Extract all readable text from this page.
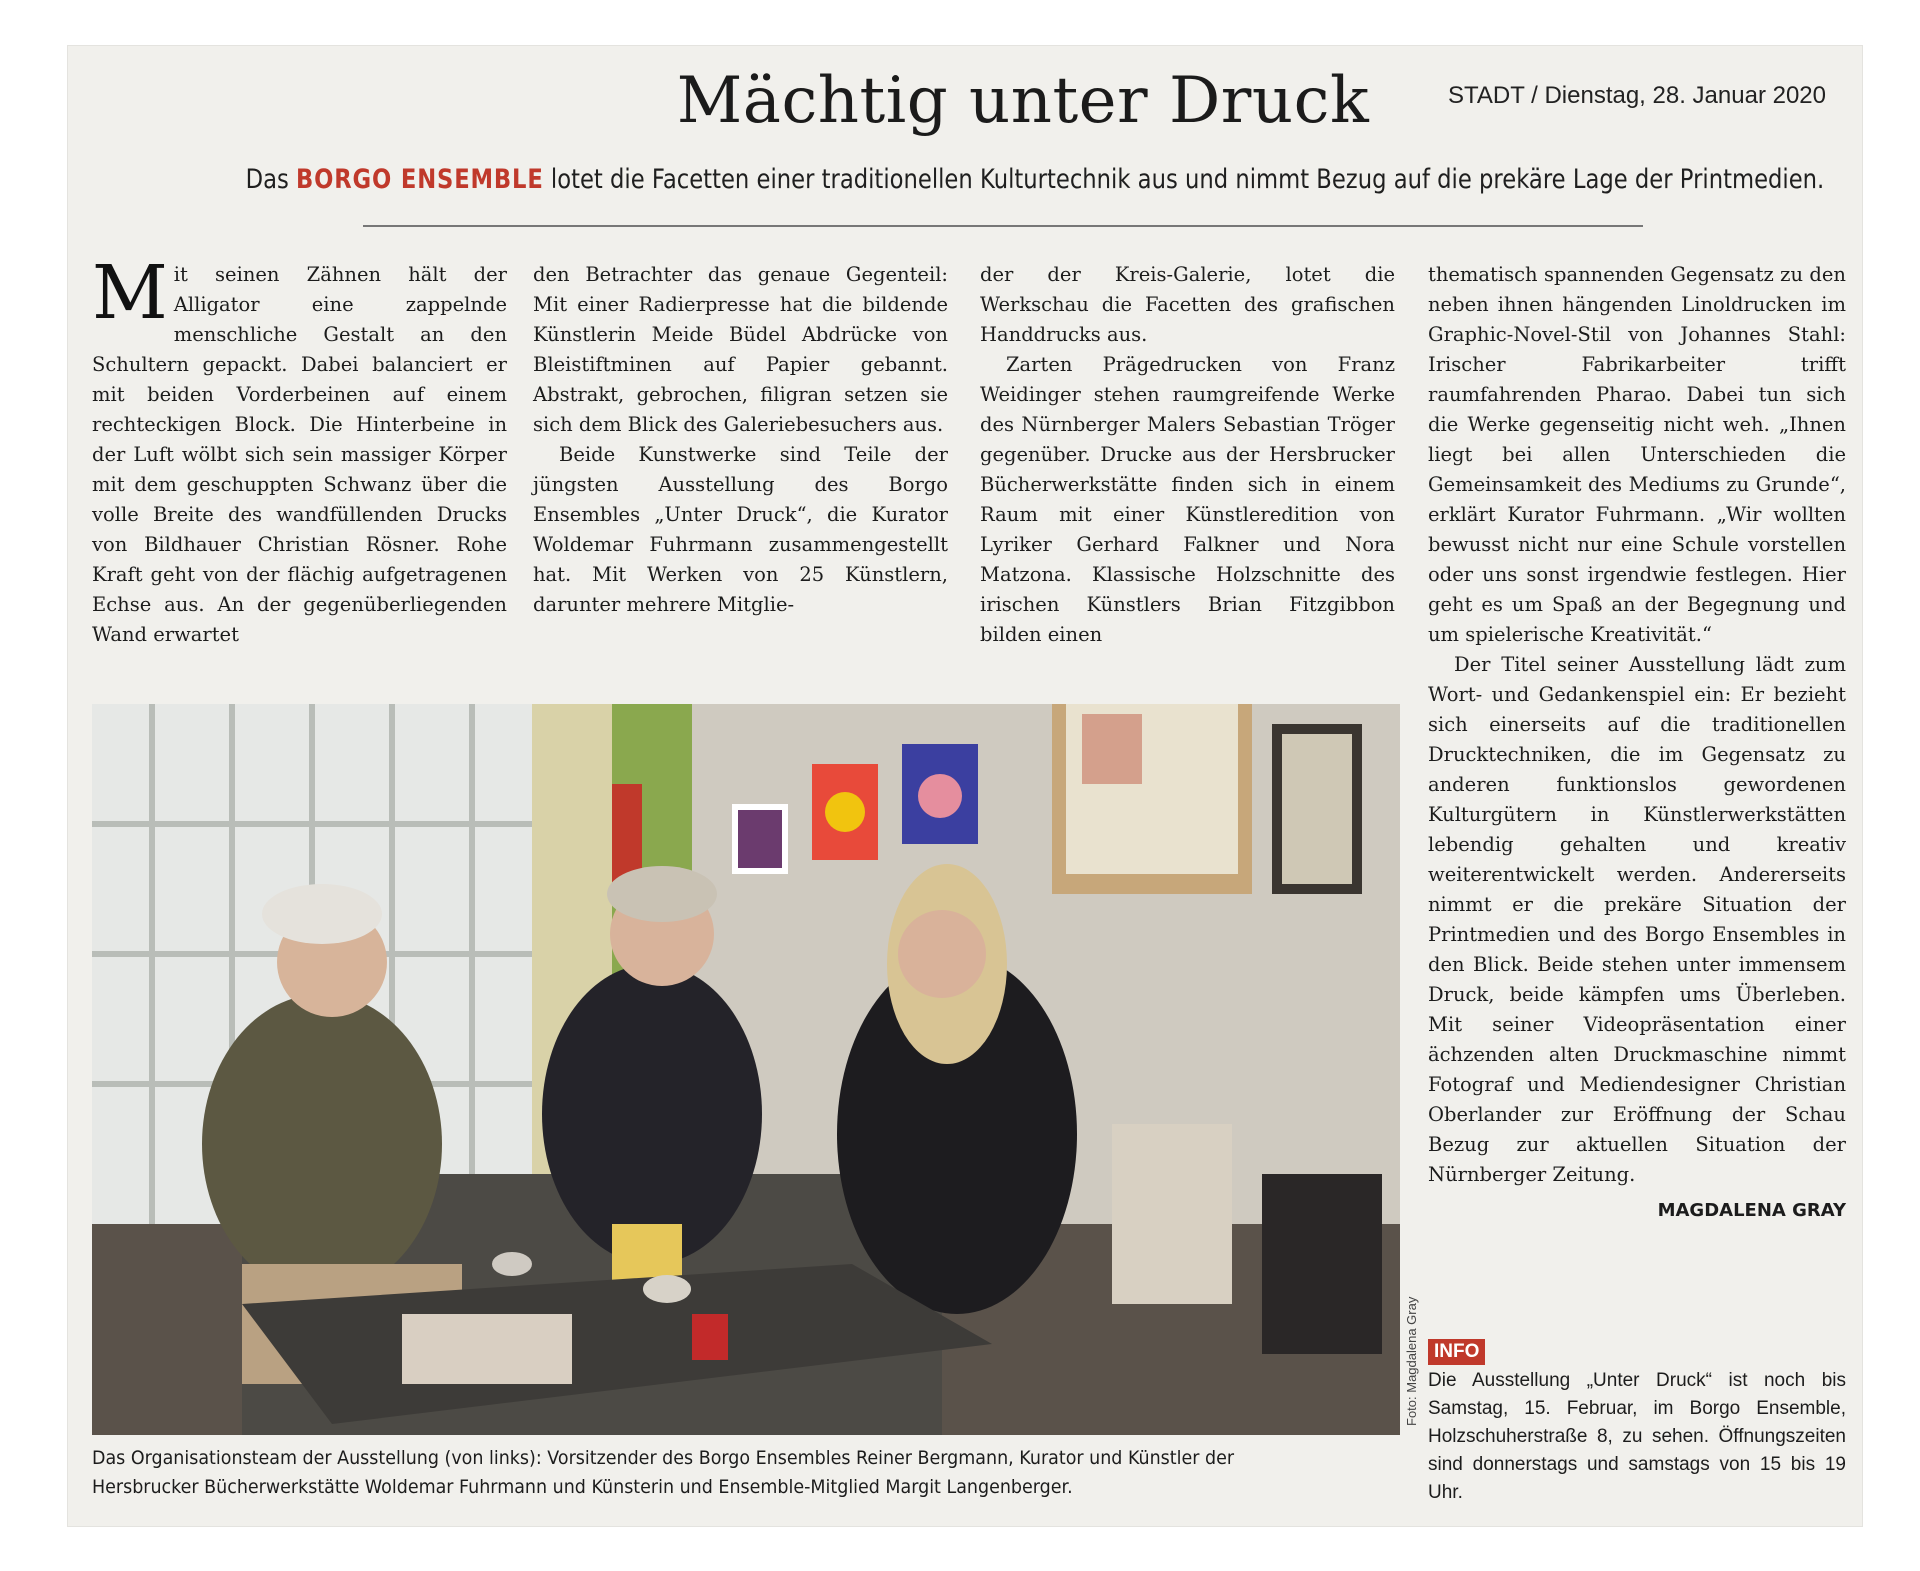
Mächtig unter Druck	STADT / Dienstag, 28. Januar 2020
Das BORGO ENSEMBLE lotet die Facetten einer traditionellen Kulturtechnik aus und nimmt Bezug auf die prekäre Lage der Printmedien.

Mit seinen Zähnen hält der Alligator eine zappelnde menschliche Gestalt an den Schultern gepackt. Dabei balanciert er mit beiden Vorderbeinen auf einem rechteckigen Block. Die Hinterbeine in der Luft wölbt sich sein massiger Körper mit dem geschuppten Schwanz über die volle Breite des wandfüllenden Drucks von Bildhauer Christian Rösner. Rohe Kraft geht von der flächig aufgetragenen Echse aus. An der gegenüberliegenden Wand erwartet

den Betrachter das genaue Gegenteil: Mit einer Radierpresse hat die bildende Künstlerin Meide Büdel Abdrücke von Bleistiftminen auf Papier gebannt. Abstrakt, gebrochen, filigran setzen sie sich dem Blick des Galeriebesuchers aus.

Beide Kunstwerke sind Teile der jüngsten Ausstellung des Borgo Ensembles „Unter Druck“, die Kurator Woldemar Fuhrmann zusammengestellt hat. Mit Werken von 25 Künstlern, darunter mehrere Mitglie-

der der Kreis-Galerie, lotet die Werkschau die Facetten des grafischen Handdrucks aus.

Zarten Prägedrucken von Franz Weidinger stehen raumgreifende Werke des Nürnberger Malers Sebastian Tröger gegenüber. Drucke aus der Hersbrucker Bücherwerkstätte finden sich in einem Raum mit einer Künstleredition von Lyriker Gerhard Falkner und Nora Matzona. Klassische Holzschnitte des irischen Künstlers Brian Fitzgibbon bilden einen

thematisch spannenden Gegensatz zu den neben ihnen hängenden Linoldrucken im Graphic-Novel-Stil von Johannes Stahl: Irischer Fabrikarbeiter trifft raumfahrenden Pharao. Dabei tun sich die Werke gegenseitig nicht weh. „Ihnen liegt bei allen Unterschieden die Gemeinsamkeit des Mediums zu Grunde“, erklärt Kurator Fuhrmann. „Wir wollten bewusst nicht nur eine Schule vorstellen oder uns sonst irgendwie festlegen. Hier geht es um Spaß an der Begegnung und um spielerische Kreativität.“

Der Titel seiner Ausstellung lädt zum Wort- und Gedankenspiel ein: Er bezieht sich einerseits auf die traditionellen Drucktechniken, die im Gegensatz zu anderen funktionslos gewordenen Kulturgütern in Künstlerwerkstätten lebendig gehalten und kreativ weiterentwickelt werden. Andererseits nimmt er die prekäre Situation der Printmedien und des Borgo Ensembles in den Blick. Beide stehen unter immensem Druck, beide kämpfen ums Überleben. Mit seiner Videopräsentation einer ächzenden alten Druckmaschine nimmt Fotograf und Mediendesigner Christian Oberlander zur Eröffnung der Schau Bezug zur aktuellen Situation der Nürnberger Zeitung.

MAGDALENA GRAY
INFO
Die Ausstellung „Unter Druck“ ist noch bis Samstag, 15. Februar, im Borgo Ensemble, Holzschuherstraße 8, zu sehen. Öffnungszeiten sind donnerstags und samstags von 15 bis 19 Uhr.
Foto: Magdalena Gray
Das Organisationsteam der Ausstellung (von links): Vorsitzender des Borgo Ensembles Reiner Bergmann, Kurator und Künstler der
Hersbrucker Bücherwerkstätte Woldemar Fuhrmann und Künsterin und Ensemble-Mitglied Margit Langenberger.
